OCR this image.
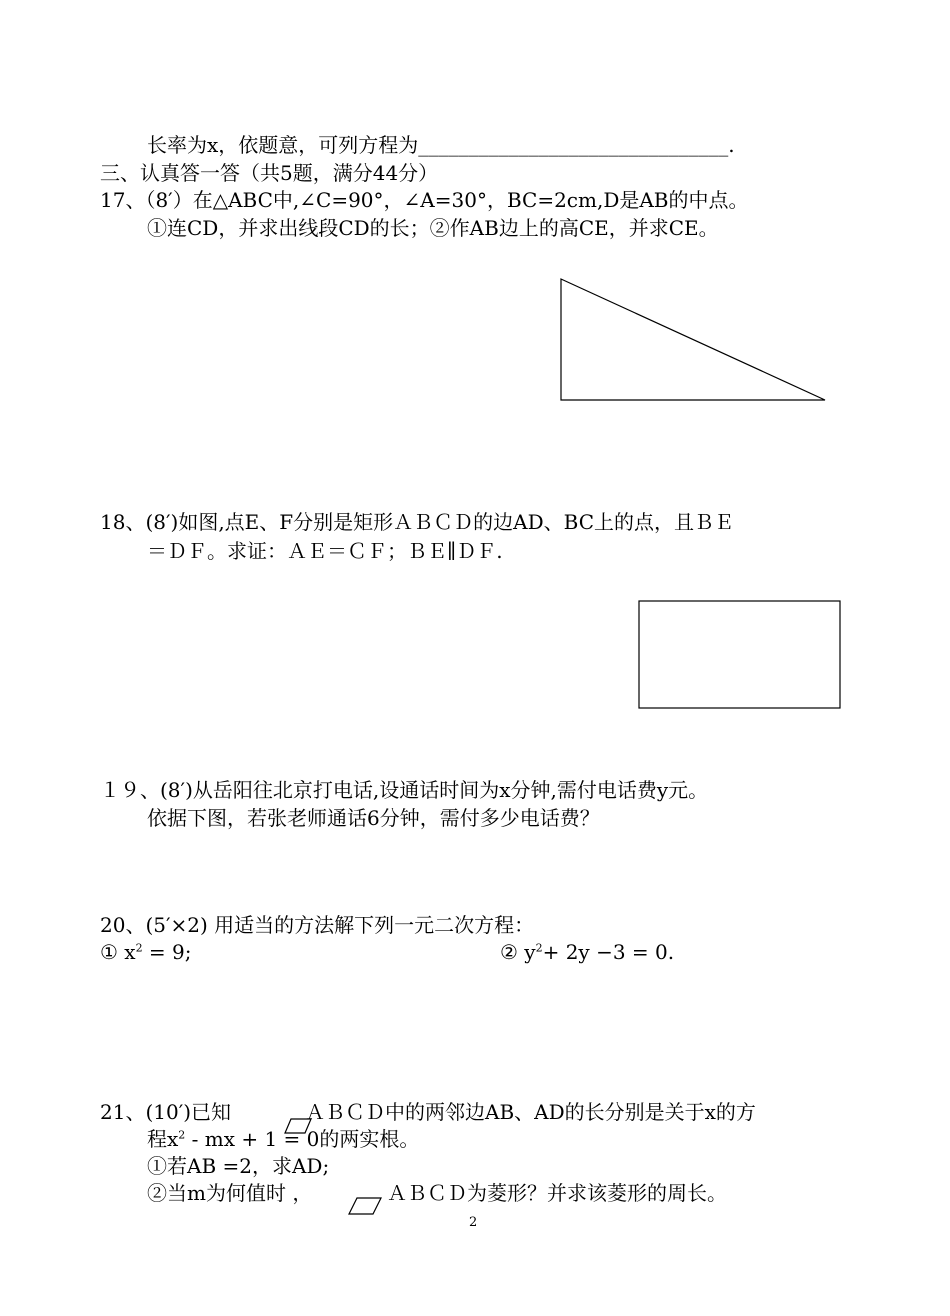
长率为x，依题意，可列方程为_______________________________.
三、认真答一答（共5题，满分44分）
17、（8′）在△ABC中,∠C=90°，∠A=30°，BC=2cm,D是AB的中点。
①连CD，并求出线段CD的长；②作AB边上的高CE，并求CE。
18、(8′)如图,点E、F分别是矩形ＡＢＣＤ的边AD、BC上的点，且ＢＥ
＝ＤＦ。求证：ＡＥ＝ＣＦ；ＢＥ∥ＤＦ.
１９、(8′)从岳阳往北京打电话,设通话时间为x分钟,需付电话费y元。
依据下图，若张老师通话6分钟，需付多少电话费？
20、(5′×2) 用适当的方法解下列一元二次方程：
① $x^2 = 9$;	② $y^2+ 2y -3 = 0$.
21、(10′)已知	ＡＢＣＤ中的两邻边AB、AD的长分别是关于x的方
程$x^2$ - mx + 1 = 0的两实根。
①若AB =2，求AD;
②当m为何值时 ，	ＡＢＣＤ为菱形？并求该菱形的周长。
2
